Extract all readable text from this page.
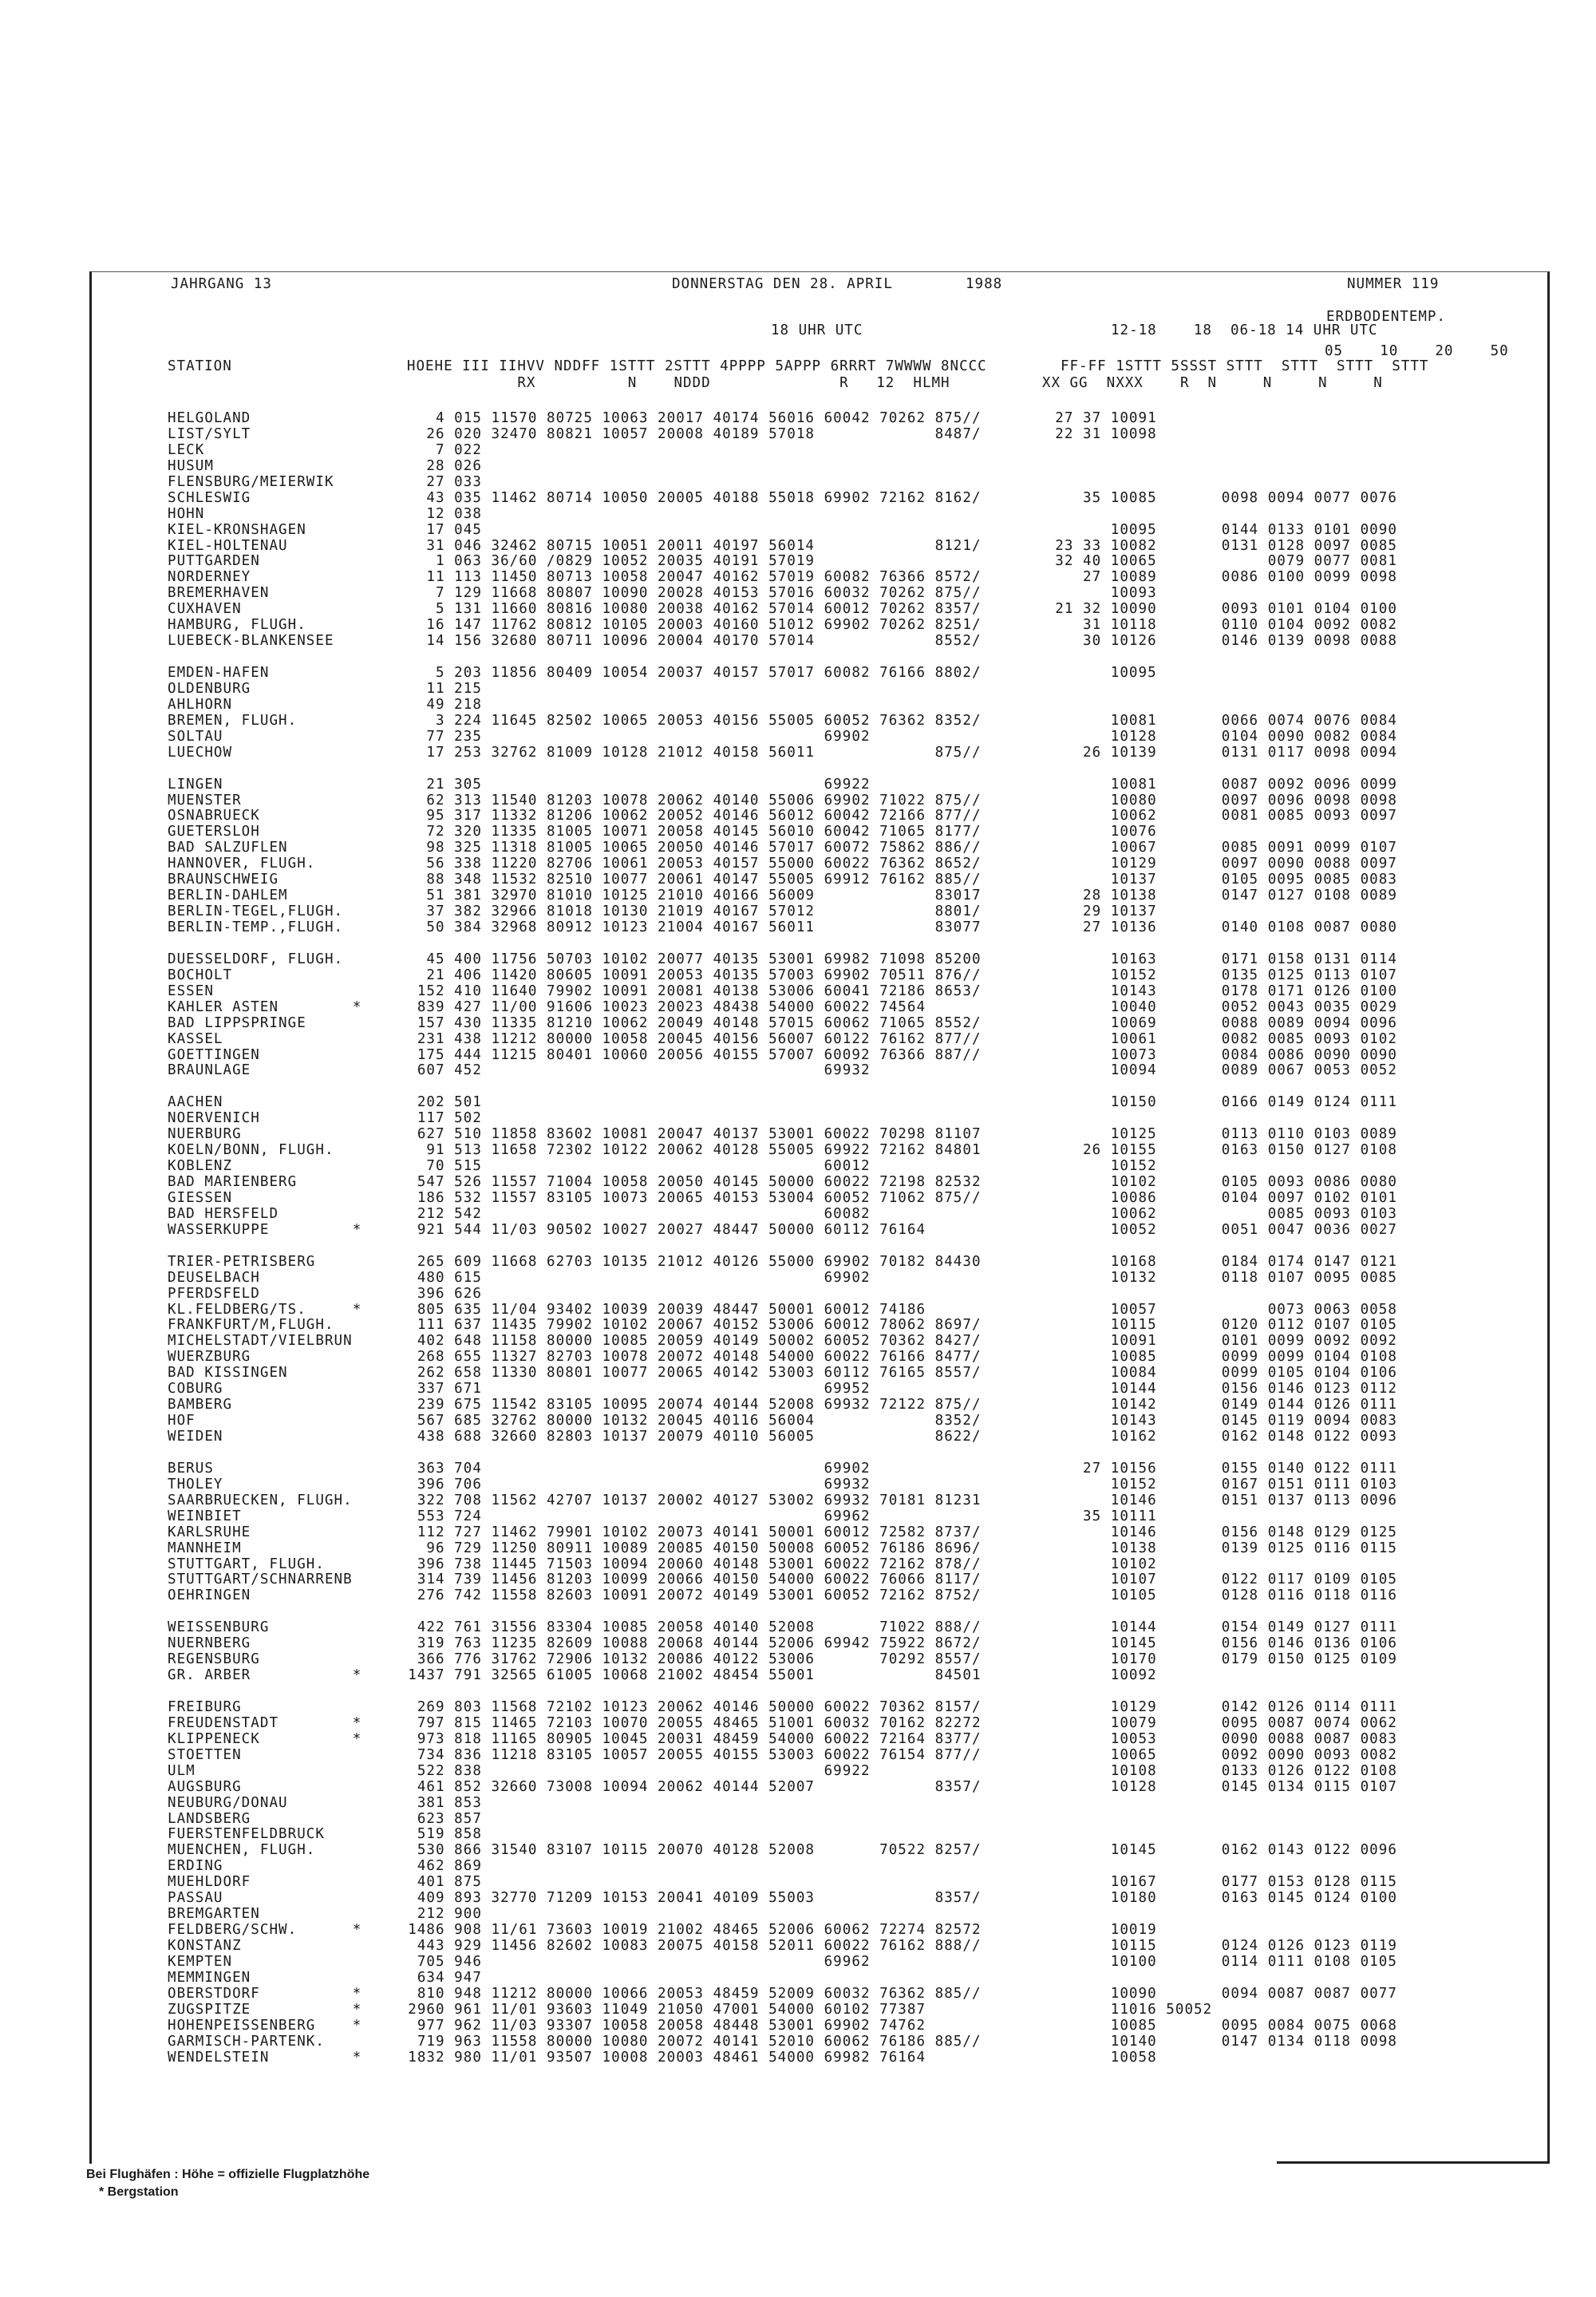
JAHRGANG 13	DONNERSTAG DEN 28. APRIL	1988	NUMMER 119
ERDBODENTEMP.
18 UHR UTC	12-18    18  06-18 14 UHR UTC
05    10    20    50
STATION                   HOEHE III IIHVV NDDFF 1STTT 2STTT 4PPPP 5APPP 6RRRT 7WWWW 8NCCC        FF-FF 1STTT 5SSST STTT  STTT  STTT  STTT
RX          N    NDDD              R   12  HLMH          XX GG  NXXX    R  N     N     N     N
HELGOLAND                    4 015 11570 80725 10063 20017 40174 56016 60042 70262 875//        27 37 10091
LIST/SYLT                   26 020 32470 80821 10057 20008 40189 57018             8487/        22 31 10098
LECK                         7 022
HUSUM                       28 026
FLENSBURG/MEIERWIK          27 033
SCHLESWIG                   43 035 11462 80714 10050 20005 40188 55018 69902 72162 8162/           35 10085       0098 0094 0077 0076
HOHN                        12 038
KIEL-KRONSHAGEN             17 045                                                                    10095       0144 0133 0101 0090
KIEL-HOLTENAU               31 046 32462 80715 10051 20011 40197 56014             8121/        23 33 10082       0131 0128 0097 0085
PUTTGARDEN                   1 063 36/60 /0829 10052 20035 40191 57019                          32 40 10065            0079 0077 0081
NORDERNEY                   11 113 11450 80713 10058 20047 40162 57019 60082 76366 8572/           27 10089       0086 0100 0099 0098
BREMERHAVEN                  7 129 11668 80807 10090 20028 40153 57016 60032 70262 875//              10093
CUXHAVEN                     5 131 11660 80816 10080 20038 40162 57014 60012 70262 8357/        21 32 10090       0093 0101 0104 0100
HAMBURG, FLUGH.             16 147 11762 80812 10105 20003 40160 51012 69902 70262 8251/           31 10118       0110 0104 0092 0082
LUEBECK-BLANKENSEE          14 156 32680 80711 10096 20004 40170 57014             8552/           30 10126       0146 0139 0098 0088
EMDEN-HAFEN                  5 203 11856 80409 10054 20037 40157 57017 60082 76166 8802/              10095
OLDENBURG                   11 215
AHLHORN                     49 218
BREMEN, FLUGH.               3 224 11645 82502 10065 20053 40156 55005 60052 76362 8352/              10081       0066 0074 0076 0084
SOLTAU                      77 235                                     69902                          10128       0104 0090 0082 0084
LUECHOW                     17 253 32762 81009 10128 21012 40158 56011             875//           26 10139       0131 0117 0098 0094
LINGEN                      21 305                                     69922                          10081       0087 0092 0096 0099
MUENSTER                    62 313 11540 81203 10078 20062 40140 55006 69902 71022 875//              10080       0097 0096 0098 0098
OSNABRUECK                  95 317 11332 81206 10062 20052 40146 56012 60042 72166 877//              10062       0081 0085 0093 0097
GUETERSLOH                  72 320 11335 81005 10071 20058 40145 56010 60042 71065 8177/              10076
BAD SALZUFLEN               98 325 11318 81005 10065 20050 40146 57017 60072 75862 886//              10067       0085 0091 0099 0107
HANNOVER, FLUGH.            56 338 11220 82706 10061 20053 40157 55000 60022 76362 8652/              10129       0097 0090 0088 0097
BRAUNSCHWEIG                88 348 11532 82510 10077 20061 40147 55005 69912 76162 885//              10137       0105 0095 0085 0083
BERLIN-DAHLEM               51 381 32970 81010 10125 21010 40166 56009             83017           28 10138       0147 0127 0108 0089
BERLIN-TEGEL,FLUGH.         37 382 32966 81018 10130 21019 40167 57012             8801/           29 10137
BERLIN-TEMP.,FLUGH.         50 384 32968 80912 10123 21004 40167 56011             83077           27 10136       0140 0108 0087 0080
DUESSELDORF, FLUGH.         45 400 11756 50703 10102 20077 40135 53001 69982 71098 85200              10163       0171 0158 0131 0114
BOCHOLT                     21 406 11420 80605 10091 20053 40135 57003 69902 70511 876//              10152       0135 0125 0113 0107
ESSEN                      152 410 11640 79902 10091 20081 40138 53006 60041 72186 8653/              10143       0178 0171 0126 0100
KAHLER ASTEN        *      839 427 11/00 91606 10023 20023 48438 54000 60022 74564                    10040       0052 0043 0035 0029
BAD LIPPSPRINGE            157 430 11335 81210 10062 20049 40148 57015 60062 71065 8552/              10069       0088 0089 0094 0096
KASSEL                     231 438 11212 80000 10058 20045 40156 56007 60122 76162 877//              10061       0082 0085 0093 0102
GOETTINGEN                 175 444 11215 80401 10060 20056 40155 57007 60092 76366 887//              10073       0084 0086 0090 0090
BRAUNLAGE                  607 452                                     69932                          10094       0089 0067 0053 0052
AACHEN                     202 501                                                                    10150       0166 0149 0124 0111
NOERVENICH                 117 502
NUERBURG                   627 510 11858 83602 10081 20047 40137 53001 60022 70298 81107              10125       0113 0110 0103 0089
KOELN/BONN, FLUGH.          91 513 11658 72302 10122 20062 40128 55005 69922 72162 84801           26 10155       0163 0150 0127 0108
KOBLENZ                     70 515                                     60012                          10152
BAD MARIENBERG             547 526 11557 71004 10058 20050 40145 50000 60022 72198 82532              10102       0105 0093 0086 0080
GIESSEN                    186 532 11557 83105 10073 20065 40153 53004 60052 71062 875//              10086       0104 0097 0102 0101
BAD HERSFELD               212 542                                     60082                          10062            0085 0093 0103
WASSERKUPPE         *      921 544 11/03 90502 10027 20027 48447 50000 60112 76164                    10052       0051 0047 0036 0027
TRIER-PETRISBERG           265 609 11668 62703 10135 21012 40126 55000 69902 70182 84430              10168       0184 0174 0147 0121
DEUSELBACH                 480 615                                     69902                          10132       0118 0107 0095 0085
PFERDSFELD                 396 626
KL.FELDBERG/TS.     *      805 635 11/04 93402 10039 20039 48447 50001 60012 74186                    10057            0073 0063 0058
FRANKFURT/M,FLUGH.         111 637 11435 79902 10102 20067 40152 53006 60012 78062 8697/              10115       0120 0112 0107 0105
MICHELSTADT/VIELBRUN       402 648 11158 80000 10085 20059 40149 50002 60052 70362 8427/              10091       0101 0099 0092 0092
WUERZBURG                  268 655 11327 82703 10078 20072 40148 54000 60022 76166 8477/              10085       0099 0099 0104 0108
BAD KISSINGEN              262 658 11330 80801 10077 20065 40142 53003 60112 76165 8557/              10084       0099 0105 0104 0106
COBURG                     337 671                                     69952                          10144       0156 0146 0123 0112
BAMBERG                    239 675 11542 83105 10095 20074 40144 52008 69932 72122 875//              10142       0149 0144 0126 0111
HOF                        567 685 32762 80000 10132 20045 40116 56004             8352/              10143       0145 0119 0094 0083
WEIDEN                     438 688 32660 82803 10137 20079 40110 56005             8622/              10162       0162 0148 0122 0093
BERUS                      363 704                                     69902                       27 10156       0155 0140 0122 0111
THOLEY                     396 706                                     69932                          10152       0167 0151 0111 0103
SAARBRUECKEN, FLUGH.       322 708 11562 42707 10137 20002 40127 53002 69932 70181 81231              10146       0151 0137 0113 0096
WEINBIET                   553 724                                     69962                       35 10111
KARLSRUHE                  112 727 11462 79901 10102 20073 40141 50001 60012 72582 8737/              10146       0156 0148 0129 0125
MANNHEIM                    96 729 11250 80911 10089 20085 40150 50008 60052 76186 8696/              10138       0139 0125 0116 0115
STUTTGART, FLUGH.          396 738 11445 71503 10094 20060 40148 53001 60022 72162 878//              10102
STUTTGART/SCHNARRENB       314 739 11456 81203 10099 20066 40150 54000 60022 76066 8117/              10107       0122 0117 0109 0105
OEHRINGEN                  276 742 11558 82603 10091 20072 40149 53001 60052 72162 8752/              10105       0128 0116 0118 0116
WEISSENBURG                422 761 31556 83304 10085 20058 40140 52008       71022 888//              10144       0154 0149 0127 0111
NUERNBERG                  319 763 11235 82609 10088 20068 40144 52006 69942 75922 8672/              10145       0156 0146 0136 0106
REGENSBURG                 366 776 31762 72906 10132 20086 40122 53006       70292 8557/              10170       0179 0150 0125 0109
GR. ARBER           *     1437 791 32565 61005 10068 21002 48454 55001             84501              10092
FREIBURG                   269 803 11568 72102 10123 20062 40146 50000 60022 70362 8157/              10129       0142 0126 0114 0111
FREUDENSTADT        *      797 815 11465 72103 10070 20055 48465 51001 60032 70162 82272              10079       0095 0087 0074 0062
KLIPPENECK          *      973 818 11165 80905 10045 20031 48459 54000 60022 72164 8377/              10053       0090 0088 0087 0083
STOETTEN                   734 836 11218 83105 10057 20055 40155 53003 60022 76154 877//              10065       0092 0090 0093 0082
ULM                        522 838                                     69922                          10108       0133 0126 0122 0108
AUGSBURG                   461 852 32660 73008 10094 20062 40144 52007             8357/              10128       0145 0134 0115 0107
NEUBURG/DONAU              381 853
LANDSBERG                  623 857
FUERSTENFELDBRUCK          519 858
MUENCHEN, FLUGH.           530 866 31540 83107 10115 20070 40128 52008       70522 8257/              10145       0162 0143 0122 0096
ERDING                     462 869
MUEHLDORF                  401 875                                                                    10167       0177 0153 0128 0115
PASSAU                     409 893 32770 71209 10153 20041 40109 55003             8357/              10180       0163 0145 0124 0100
BREMGARTEN                 212 900
FELDBERG/SCHW.      *     1486 908 11/61 73603 10019 21002 48465 52006 60062 72274 82572              10019
KONSTANZ                   443 929 11456 82602 10083 20075 40158 52011 60022 76162 888//              10115       0124 0126 0123 0119
KEMPTEN                    705 946                                     69962                          10100       0114 0111 0108 0105
MEMMINGEN                  634 947
OBERSTDORF          *      810 948 11212 80000 10066 20053 48459 52009 60032 76362 885//              10090       0094 0087 0087 0077
ZUGSPITZE           *     2960 961 11/01 93603 11049 21050 47001 54000 60102 77387                    11016 50052
HOHENPEISSENBERG    *      977 962 11/03 93307 10058 20058 48448 53001 69902 74762                    10085       0095 0084 0075 0068
GARMISCH-PARTENK.          719 963 11558 80000 10080 20072 40141 52010 60062 76186 885//              10140       0147 0134 0118 0098
WENDELSTEIN         *     1832 980 11/01 93507 10008 20003 48461 54000 69982 76164                    10058
Bei Flughäfen : Höhe = offizielle Flugplatzhöhe
* Bergstation
